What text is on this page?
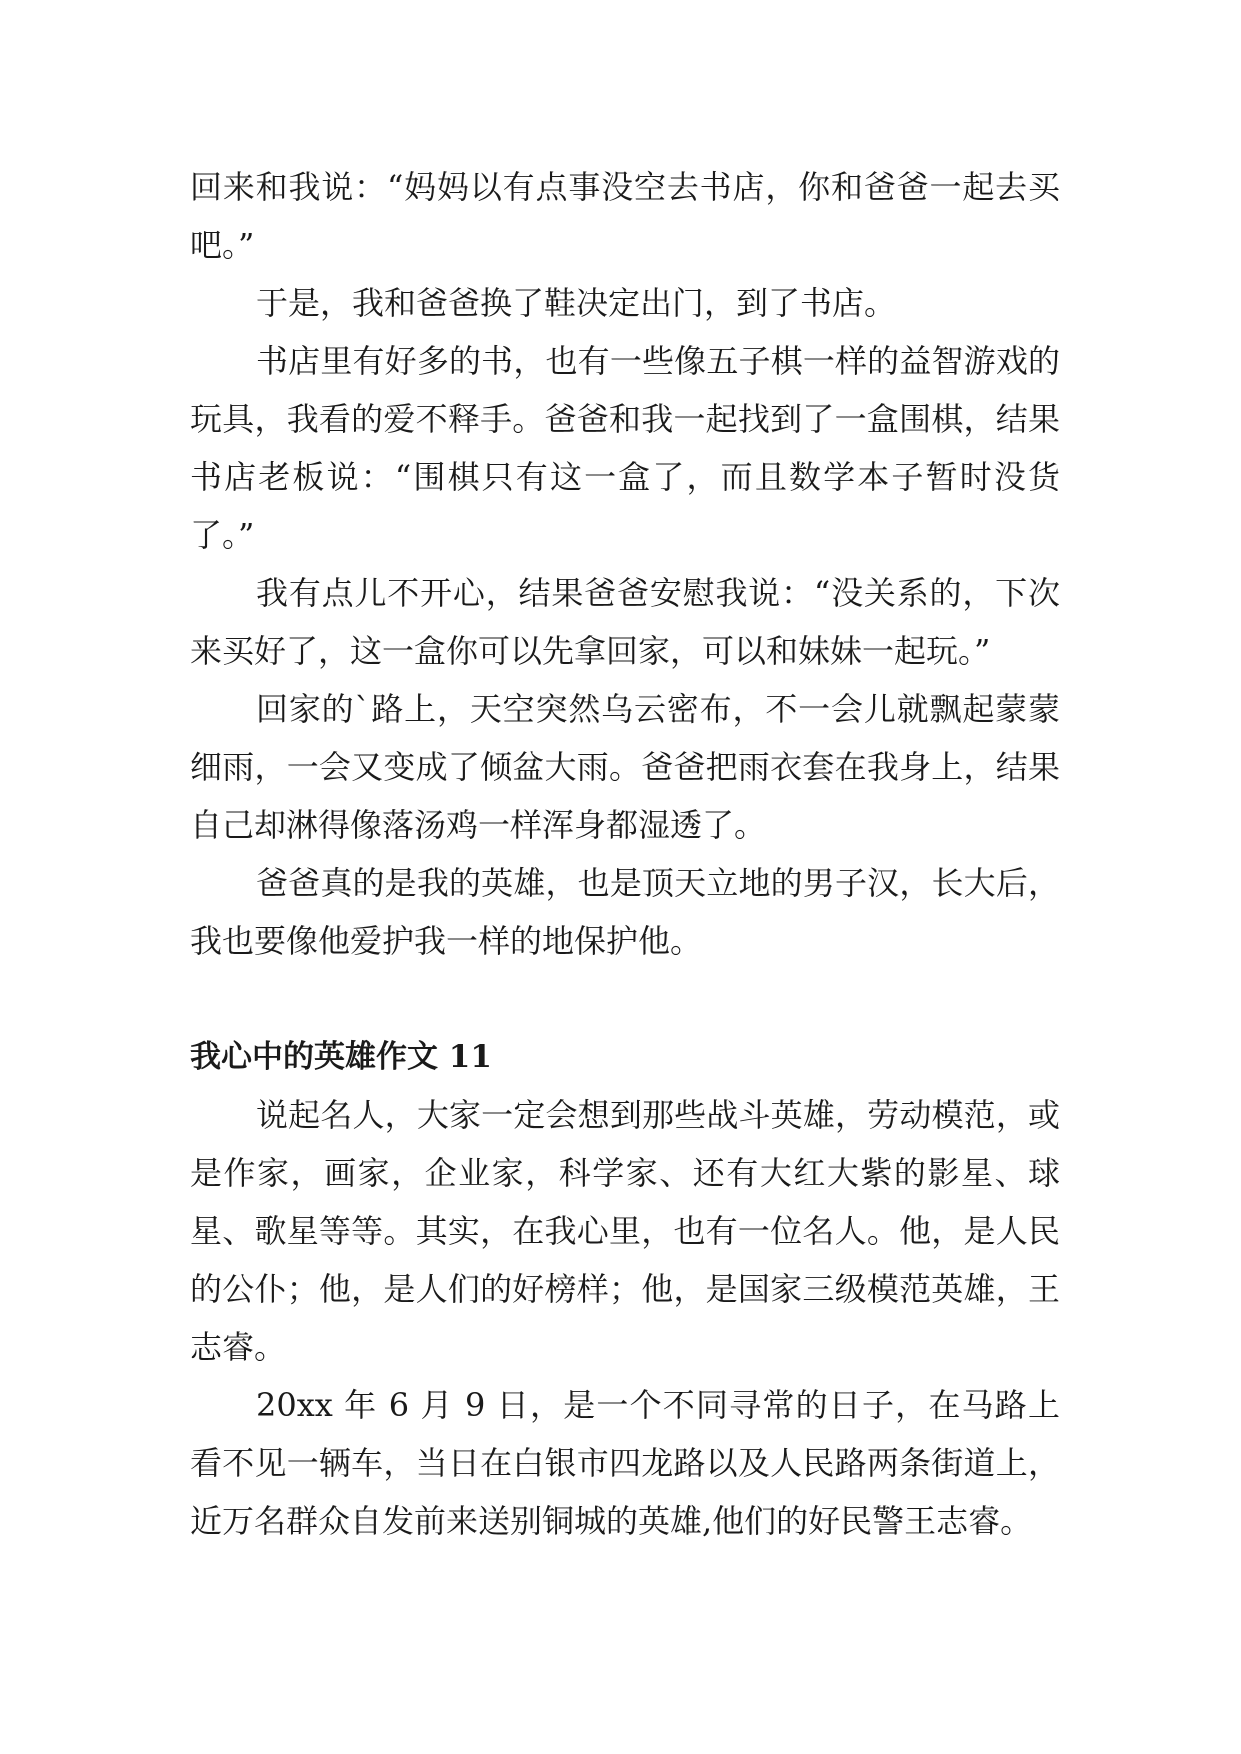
回来和我说：“妈妈以有点事没空去书店，你和爸爸一起去买吧。”

于是，我和爸爸换了鞋决定出门，到了书店。

书店里有好多的书，也有一些像五子棋一样的益智游戏的玩具，我看的爱不释手。爸爸和我一起找到了一盒围棋，结果书店老板说：“围棋只有这一盒了，而且数学本子暂时没货了。”

我有点儿不开心，结果爸爸安慰我说：“没关系的，下次来买好了，这一盒你可以先拿回家，可以和妹妹一起玩。”

回家的`路上，天空突然乌云密布，不一会儿就飘起蒙蒙细雨，一会又变成了倾盆大雨。爸爸把雨衣套在我身上，结果自己却淋得像落汤鸡一样浑身都湿透了。

爸爸真的是我的英雄，也是顶天立地的男子汉，长大后，我也要像他爱护我一样的地保护他。

我心中的英雄作文 11

说起名人，大家一定会想到那些战斗英雄，劳动模范，或是作家，画家，企业家，科学家、还有大红大紫的影星、球星、歌星等等。其实，在我心里，也有一位名人。他，是人民的公仆；他，是人们的好榜样；他，是国家三级模范英雄，王志睿。

20xx 年 6 月 9 日，是一个不同寻常的日子，在马路上看不见一辆车，当日在白银市四龙路以及人民路两条街道上，近万名群众自发前来送别铜城的英雄,他们的好民警王志睿。
